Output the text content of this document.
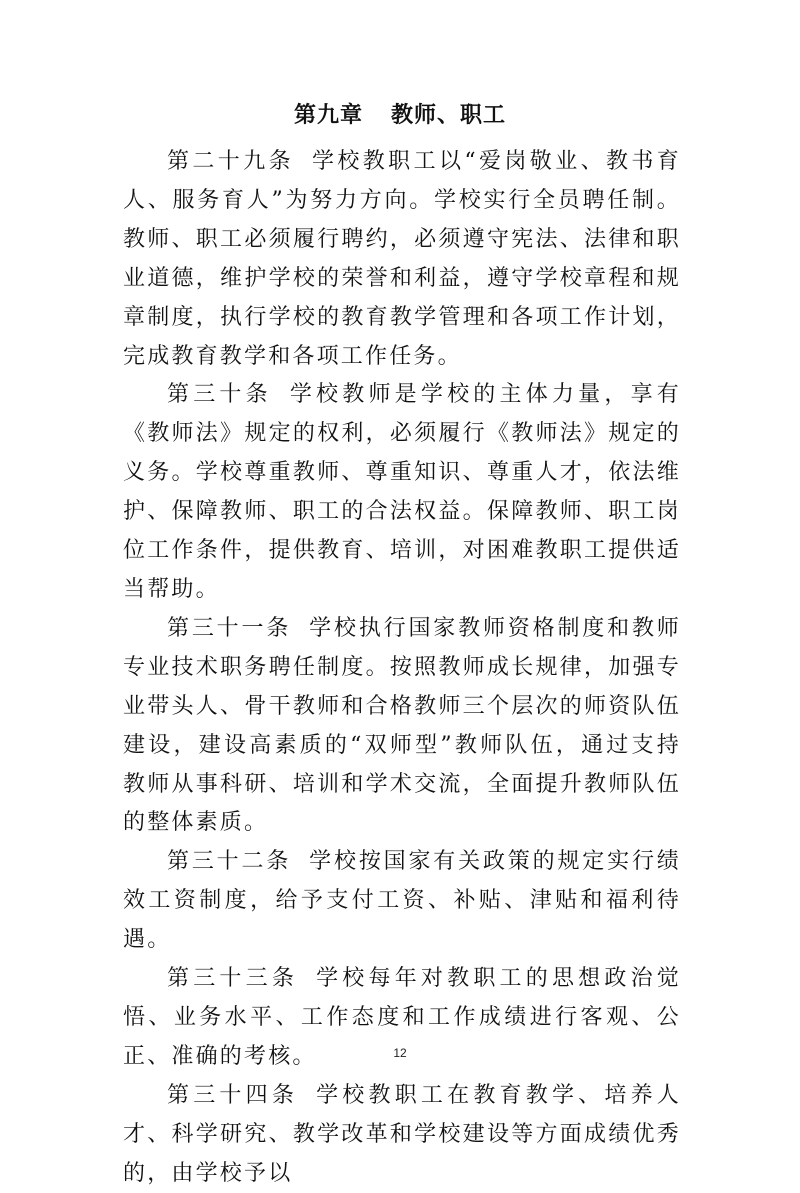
第九章 教师、职工

第二十九条 学校教职工以“爱岗敬业、教书育人、服务育人”为努力方向。学校实行全员聘任制。教师、职工必须履行聘约，必须遵守宪法、法律和职业道德，维护学校的荣誉和利益，遵守学校章程和规章制度，执行学校的教育教学管理和各项工作计划，完成教育教学和各项工作任务。

第三十条 学校教师是学校的主体力量，享有《教师法》规定的权利，必须履行《教师法》规定的义务。学校尊重教师、尊重知识、尊重人才，依法维护、保障教师、职工的合法权益。保障教师、职工岗位工作条件，提供教育、培训，对困难教职工提供适当帮助。

第三十一条 学校执行国家教师资格制度和教师专业技术职务聘任制度。按照教师成长规律，加强专业带头人、骨干教师和合格教师三个层次的师资队伍建设，建设高素质的“双师型”教师队伍，通过支持教师从事科研、培训和学术交流，全面提升教师队伍的整体素质。

第三十二条 学校按国家有关政策的规定实行绩效工资制度，给予支付工资、补贴、津贴和福利待遇。

第三十三条 学校每年对教职工的思想政治觉悟、业务水平、工作态度和工作成绩进行客观、公正、准确的考核。

第三十四条 学校教职工在教育教学、培养人才、科学研究、教学改革和学校建设等方面成绩优秀的，由学校予以

12
